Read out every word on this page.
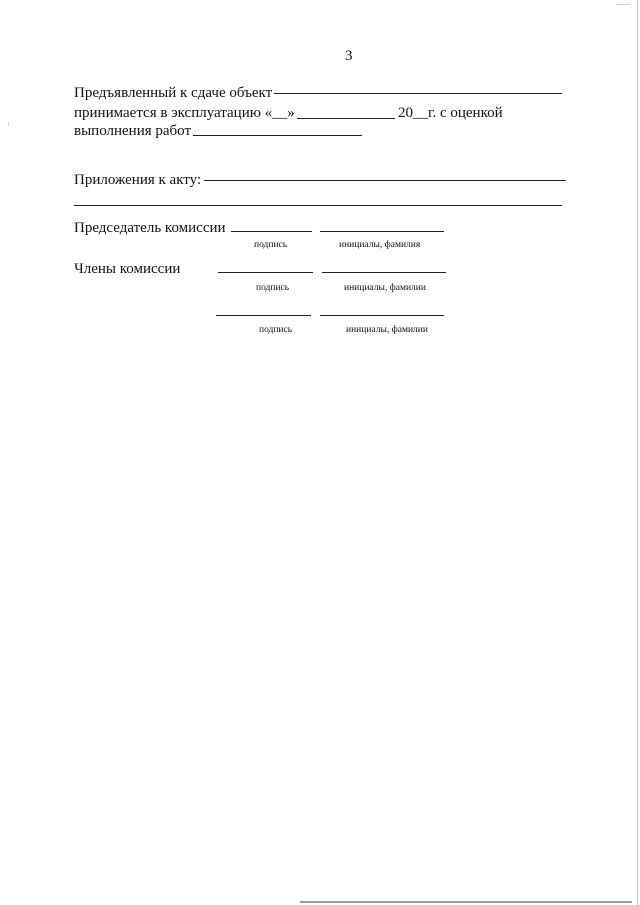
3
Предъявленный к сдаче объект
принимается в эксплуатацию «__»	20__г. с оценкой
выполнения работ
Приложения к акту:
Председатель комиссии
подпись	инициалы, фамилия
Члены комиссии
подпись	инициалы, фамилии
подпись	инициалы, фамилии
